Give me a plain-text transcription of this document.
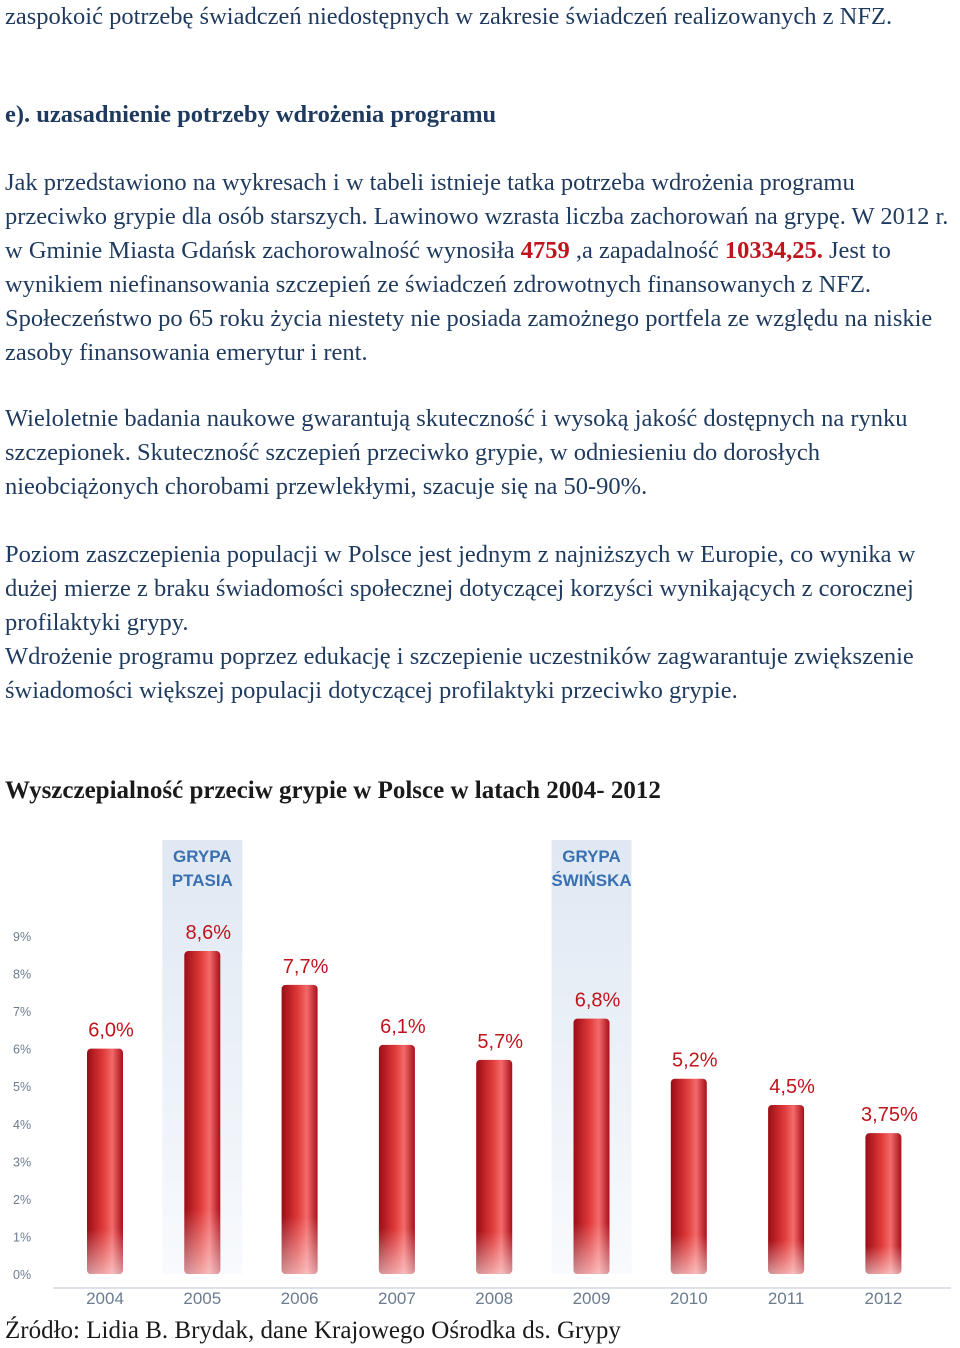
zaspokoić potrzebę świadczeń niedostępnych w zakresie świadczeń realizowanych z NFZ.

e). uzasadnienie potrzeby wdrożenia programu

Jak przedstawiono na wykresach i w tabeli istnieje tatka potrzeba wdrożenia programu przeciwko grypie dla osób starszych. Lawinowo wzrasta liczba zachorowań na grypę. W 2012 r. w Gminie Miasta Gdańsk zachorowalność wynosiła 4759 ,a zapadalność 10334,25. Jest to wynikiem niefinansowania szczepień ze świadczeń zdrowotnych finansowanych z NFZ. Społeczeństwo po 65 roku życia niestety nie posiada zamożnego portfela ze względu na niskie zasoby finansowania emerytur i rent.

Wieloletnie badania naukowe gwarantują skuteczność i wysoką jakość dostępnych na rynku szczepionek. Skuteczność szczepień przeciwko grypie, w odniesieniu do dorosłych nieobciążonych chorobami przewlekłymi, szacuje się na 50-90%.

Poziom zaszczepienia populacji w Polsce jest jednym z najniższych w Europie, co wynika w dużej mierze z braku świadomości społecznej dotyczącej korzyści wynikających z corocznej profilaktyki grypy.

Wdrożenie programu poprzez edukację i szczepienie uczestników zagwarantuje zwiększenie świadomości większej populacji dotyczącej profilaktyki przeciwko grypie.

Wyszczepialność przeciw grypie w Polsce w latach 2004- 2012

GRYPA
PTASIA
GRYPA
ŚWIŃSKA
0%
1%
2%
3%
4%
5%
6%
7%
8%
9%
6,0%
8,6%
7,7%
6,1%
5,7%
6,8%
5,2%
4,5%
3,75%
2004	2005	2006	2007	2008	2009	2010	2011	2012

Źródło: Lidia B. Brydak, dane Krajowego Ośrodka ds. Grypy
